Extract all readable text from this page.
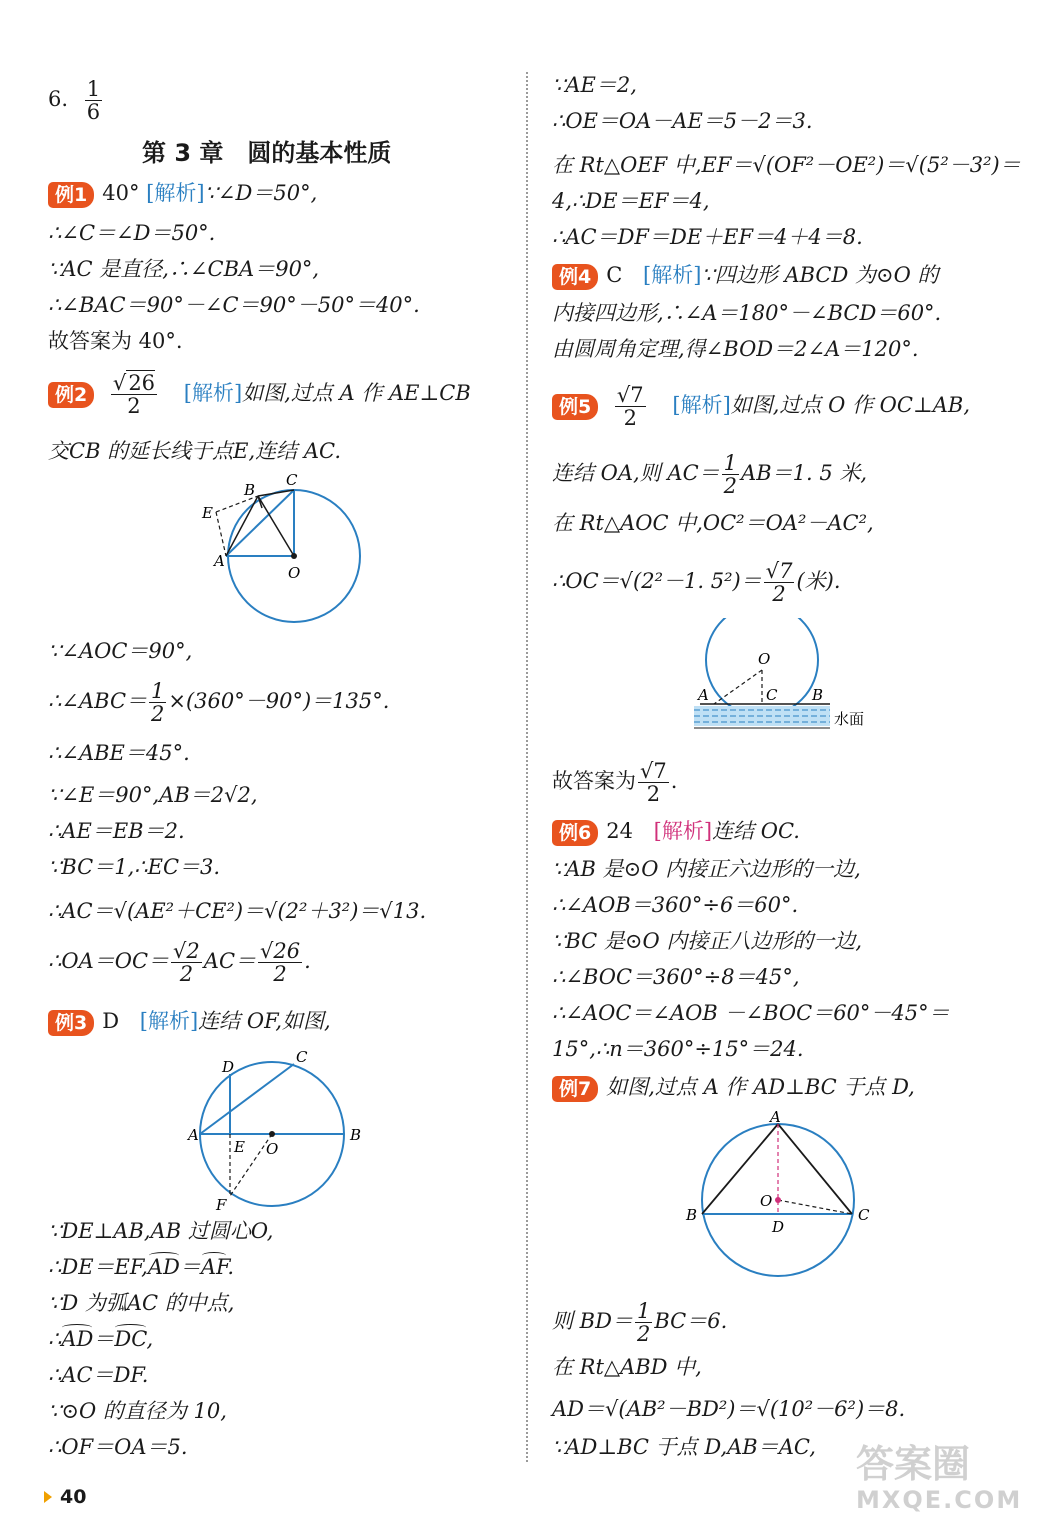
6. $\frac{1}{6}$
第 3 章　圆的基本性质
例1 40° [解析]∵∠D＝50°,
∴∠C＝∠D＝50°.
∵AC 是直径,∴∠CBA＝90°,
∴∠BAC＝90°－∠C＝90°－50°＝40°.
故答案为 40°.
例$2 \frac{√26}{2}$ [解析]如图,过点 A 作 AE⊥CB
交CB 的延长线于点E,连结 AC.
B
C
E
A
O
∵∠AOC＝90°,
∴∠ABC＝ $\frac{1}{2} \times(360^\circ-90^\circ)=135^\circ$.
∴∠ABE＝45°.
∵∠E＝90°,AB＝2√2,
∴AE＝EB＝2.
∵BC＝1,∴EC＝3.
∴AC＝√(AE²＋CE²)＝√(2²＋3²)＝√13.
∴OA＝OC＝ $\frac{√2}{2} AC= \frac{√26}{2}$ .
例3 D [解析]连结 OF,如图,
D
C
A	B
E O
F
∵DE⊥AB,AB 过圆心O,
∴DE＝EF,AD＝AF.
∵D 为弧AC 的中点,
∴AD＝DC,
∴AC＝DF.
∵⊙O 的直径为 10,
∴OF＝OA＝5.
∵AE＝2,
∴OE＝OA－AE＝5－2＝3.
在 Rt△OEF 中,EF＝√(OF²－OE²)＝√(5²－3²)＝
4,∴DE＝EF＝4,
∴AC＝DF＝DE＋EF＝4＋4＝8.
例4 C [解析]∵四边形 ABCD 为⊙O 的
内接四边形,∴∠A＝180°－∠BCD＝60°.
由圆周角定理,得∠BOD＝2∠A＝120°.
例$5 \frac{√7}{2}$ [解析]如图,过点 O 作 OC⊥AB,
连结 OA,则 $AC= \frac{1}{2} AB=1$. 5 米,
在 Rt△AOC 中,OC²＝OA²－AC²,
∴OC＝√(2²－1. $5^2)= \frac{√7}{2}$ (米).
O
A	C B
水面
故答案为 $\frac{√7}{2}$ .
例6 24 [解析]连结 OC.
∵AB 是⊙O 内接正六边形的一边,
∴∠AOB＝360°÷6＝60°.
∵BC 是⊙O 内接正八边形的一边,
∴∠BOC＝360°÷8＝45°,
∴∠AOC＝∠AOB －∠BOC＝60°－45°＝
15°,∴n＝360°÷15°＝24.
例7 如图,过点 A 作 AD⊥BC 于点 D,
A
B	C
D
O
则 $BD= \frac{1}{2} BC=6$.
在 Rt△ABD 中,
AD＝√(AB²－BD²)＝√(10²－6²)＝8.
∵AD⊥BC 于点 D,AB＝AC,
40
答案圈
MXQE.COM
